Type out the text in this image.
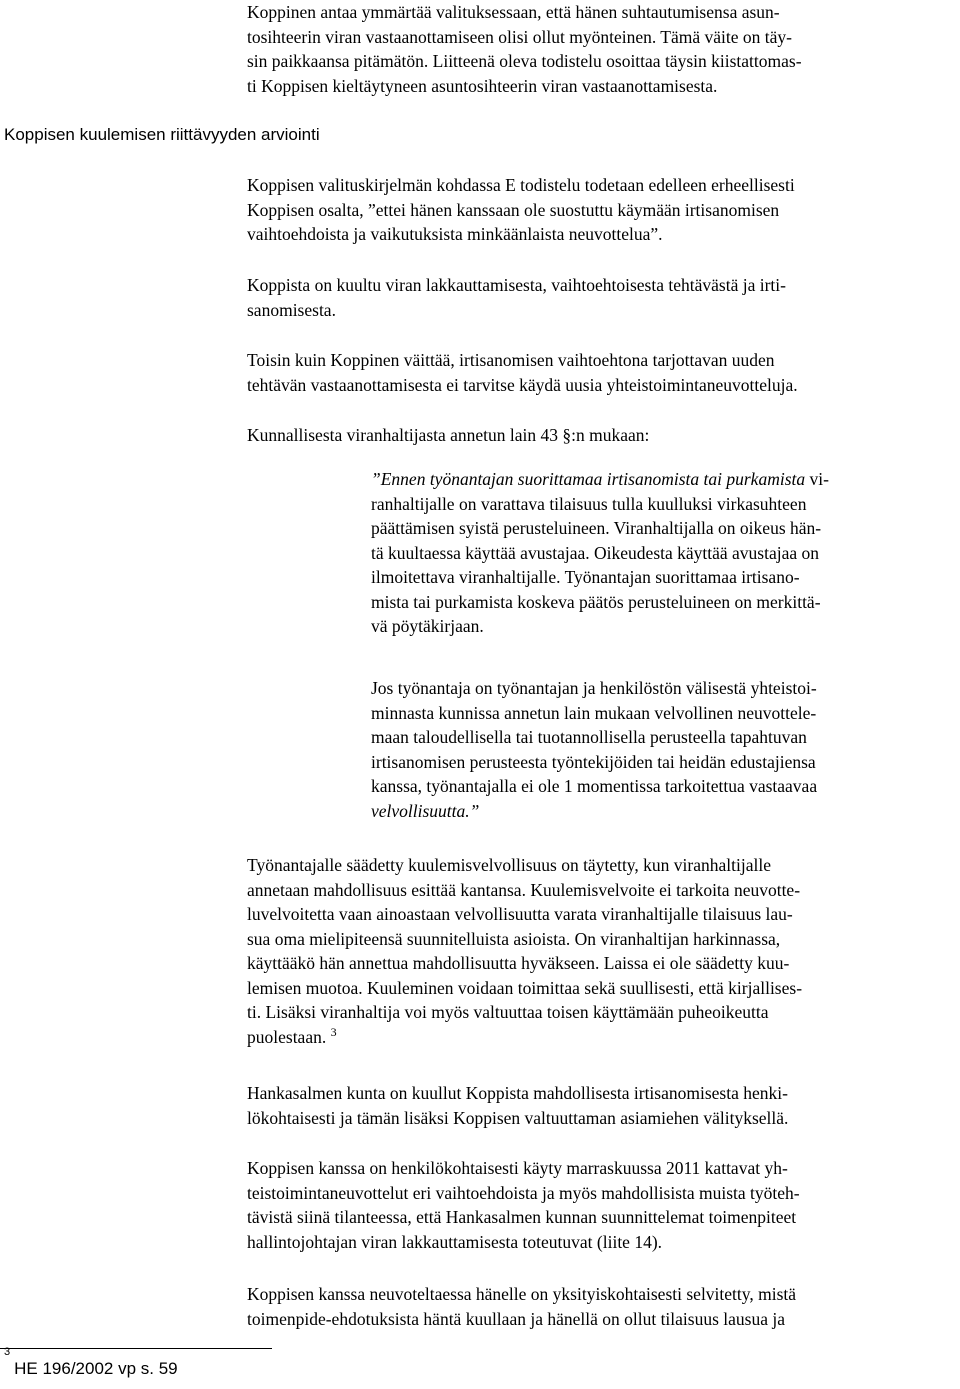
Koppinen antaa ymmärtää valituksessaan, että hänen suhtautumisensa asun-
tosihteerin viran vastaanottamiseen olisi ollut myönteinen. Tämä väite on täy-
sin paikkaansa pitämätön. Liitteenä oleva todistelu osoittaa täysin kiistattomas-
ti Koppisen kieltäytyneen asuntosihteerin viran vastaanottamisesta.
Koppisen kuulemisen riittävyyden arviointi
Koppisen valituskirjelmän kohdassa E todistelu todetaan edelleen erheellisesti
Koppisen osalta, ”ettei hänen kanssaan ole suostuttu käymään irtisanomisen
vaihtoehdoista ja vaikutuksista minkäänlaista neuvottelua”.
Koppista on kuultu viran lakkauttamisesta, vaihtoehtoisesta tehtävästä ja irti-
sanomisesta.
Toisin kuin Koppinen väittää, irtisanomisen vaihtoehtona tarjottavan uuden
tehtävän vastaanottamisesta ei tarvitse käydä uusia yhteistoimintaneuvotteluja.
Kunnallisesta viranhaltijasta annetun lain 43 §:n mukaan:
”Ennen työnantajan suorittamaa irtisanomista tai purkamista vi-
ranhaltijalle on varattava tilaisuus tulla kuulluksi virkasuhteen
päättämisen syistä perusteluineen. Viranhaltijalla on oikeus hän-
tä kuultaessa käyttää avustajaa. Oikeudesta käyttää avustajaa on
ilmoitettava viranhaltijalle. Työnantajan suorittamaa irtisano-
mista tai purkamista koskeva päätös perusteluineen on merkittä-
vä pöytäkirjaan.
Jos työnantaja on työnantajan ja henkilöstön välisestä yhteistoi-
minnasta kunnissa annetun lain mukaan velvollinen neuvottele-
maan taloudellisella tai tuotannollisella perusteella tapahtuvan
irtisanomisen perusteesta työntekijöiden tai heidän edustajiensa
kanssa, työnantajalla ei ole 1 momentissa tarkoitettua vastaavaa
velvollisuutta.”
Työnantajalle säädetty kuulemisvelvollisuus on täytetty, kun viranhaltijalle
annetaan mahdollisuus esittää kantansa. Kuulemisvelvoite ei tarkoita neuvotte-
luvelvoitetta vaan ainoastaan velvollisuutta varata viranhaltijalle tilaisuus lau-
sua oma mielipiteensä suunnitelluista asioista. On viranhaltijan harkinnassa,
käyttääkö hän annettua mahdollisuutta hyväkseen. Laissa ei ole säädetty kuu-
lemisen muotoa. Kuuleminen voidaan toimittaa sekä suullisesti, että kirjallises-
ti. Lisäksi viranhaltija voi myös valtuuttaa toisen käyttämään puheoikeutta
puolestaan. $^3$
Hankasalmen kunta on kuullut Koppista mahdollisesta irtisanomisesta henki-
lökohtaisesti ja tämän lisäksi Koppisen valtuuttaman asiamiehen välityksellä.
Koppisen kanssa on henkilökohtaisesti käyty marraskuussa 2011 kattavat yh-
teistoimintaneuvottelut eri vaihtoehdoista ja myös mahdollisista muista työteh-
tävistä siinä tilanteessa, että Hankasalmen kunnan suunnittelemat toimenpiteet
hallintojohtajan viran lakkauttamisesta toteutuvat (liite 14).
Koppisen kanssa neuvoteltaessa hänelle on yksityiskohtaisesti selvitetty, mistä
toimenpide-ehdotuksista häntä kuullaan ja hänellä on ollut tilaisuus lausua ja
$^3$HE 196/2002 vp s. 59
